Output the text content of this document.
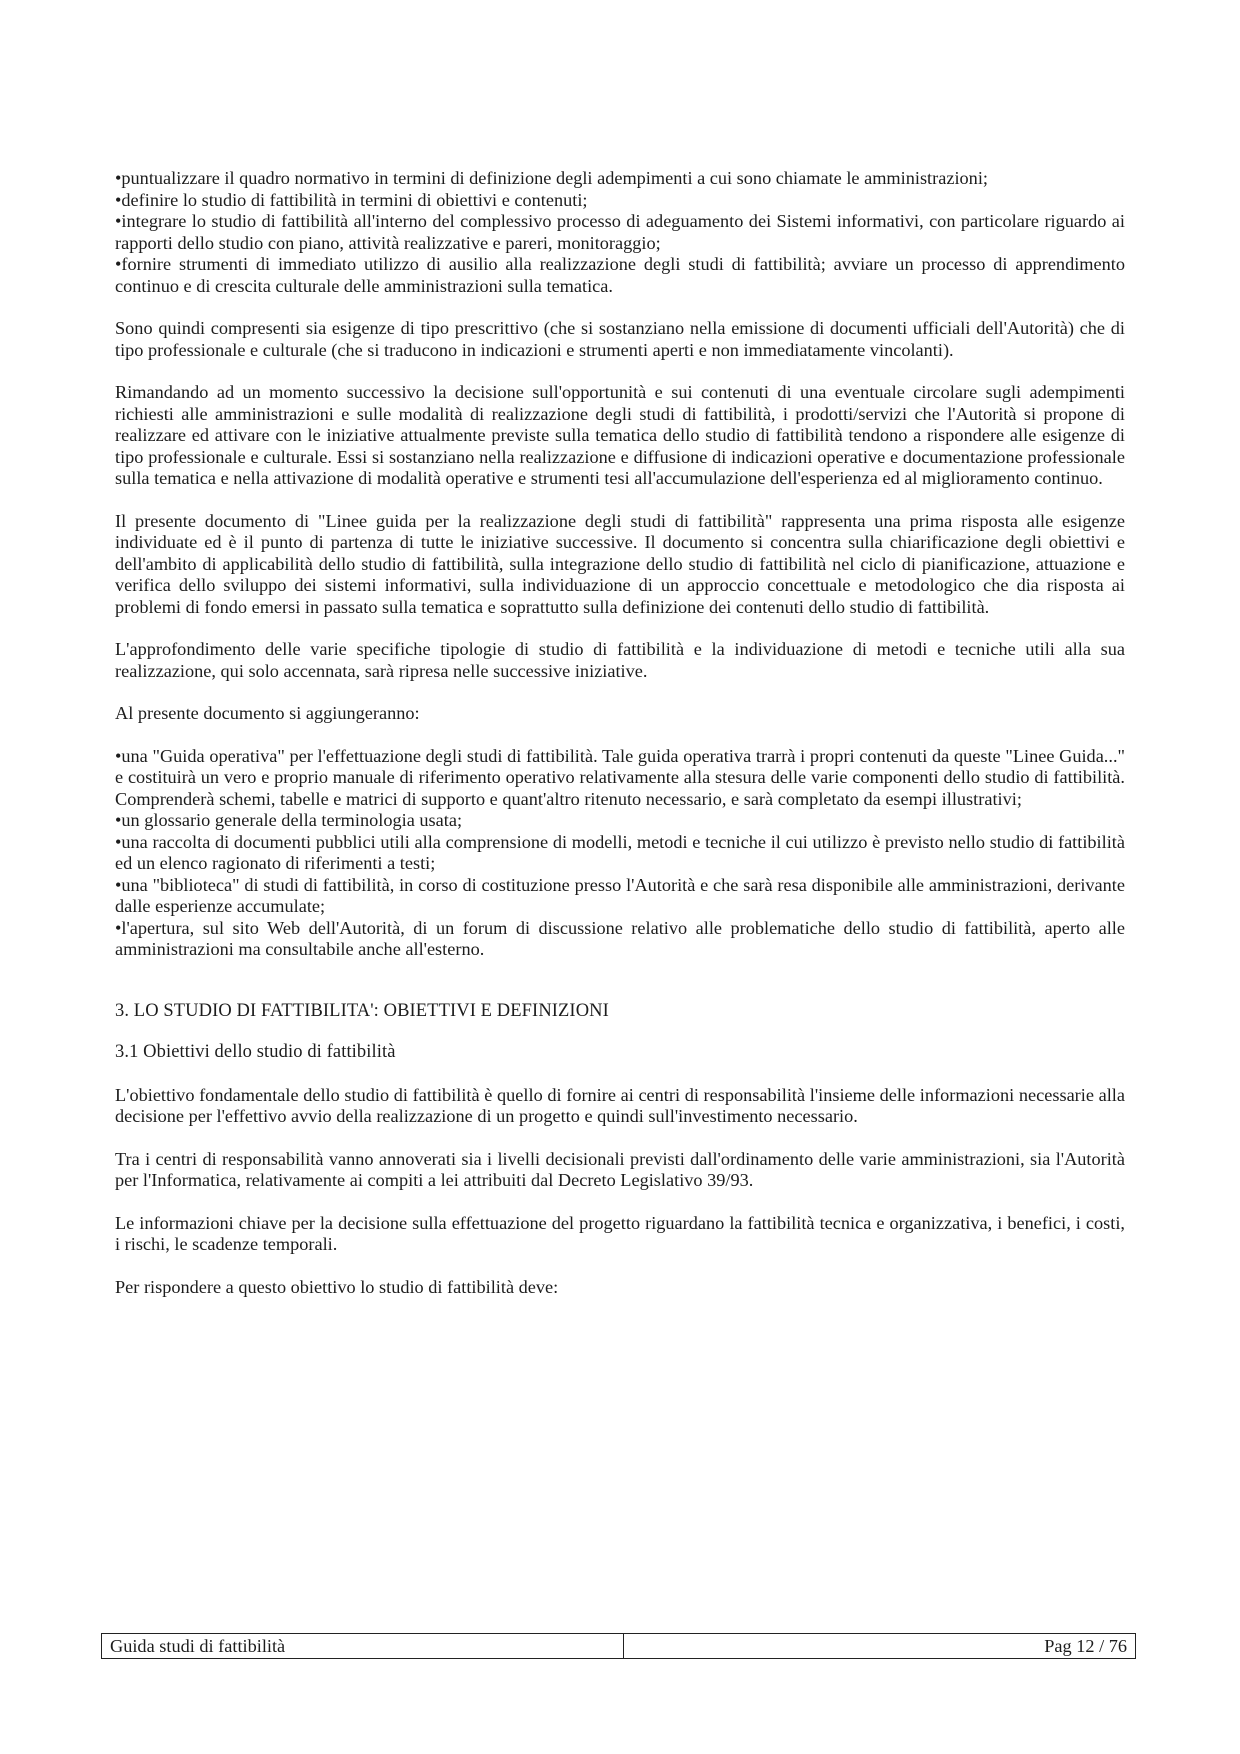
•puntualizzare il quadro normativo in termini di definizione degli adempimenti a cui sono chiamate le amministrazioni;

•definire lo studio di fattibilità in termini di obiettivi e contenuti;

•integrare lo studio di fattibilità all'interno del complessivo processo di adeguamento dei Sistemi informativi, con particolare riguardo ai rapporti dello studio con piano, attività realizzative e pareri, monitoraggio;

•fornire strumenti di immediato utilizzo di ausilio alla realizzazione degli studi di fattibilità; avviare un processo di apprendimento continuo e di crescita culturale delle amministrazioni sulla tematica.

Sono quindi compresenti sia esigenze di tipo prescrittivo (che si sostanziano nella emissione di documenti ufficiali dell'Autorità) che di tipo professionale e culturale (che si traducono in indicazioni e strumenti aperti e non immediatamente vincolanti).

Rimandando ad un momento successivo la decisione sull'opportunità e sui contenuti di una eventuale circolare sugli adempimenti richiesti alle amministrazioni e sulle modalità di realizzazione degli studi di fattibilità, i prodotti/servizi che l'Autorità si propone di realizzare ed attivare con le iniziative attualmente previste sulla tematica dello studio di fattibilità tendono a rispondere alle esigenze di tipo professionale e culturale. Essi si sostanziano nella realizzazione e diffusione di indicazioni operative e documentazione professionale sulla tematica e nella attivazione di modalità operative e strumenti tesi all'accumulazione dell'esperienza ed al miglioramento continuo.

Il presente documento di "Linee guida per la realizzazione degli studi di fattibilità" rappresenta una prima risposta alle esigenze individuate ed è il punto di partenza di tutte le iniziative successive. Il documento si concentra sulla chiarificazione degli obiettivi e dell'ambito di applicabilità dello studio di fattibilità, sulla integrazione dello studio di fattibilità nel ciclo di pianificazione, attuazione e verifica dello sviluppo dei sistemi informativi, sulla individuazione di un approccio concettuale e metodologico che dia risposta ai problemi di fondo emersi in passato sulla tematica e soprattutto sulla definizione dei contenuti dello studio di fattibilità.

L'approfondimento delle varie specifiche tipologie di studio di fattibilità e la individuazione di metodi e tecniche utili alla sua realizzazione, qui solo accennata, sarà ripresa nelle successive iniziative.

Al presente documento si aggiungeranno:

•una "Guida operativa" per l'effettuazione degli studi di fattibilità. Tale guida operativa trarrà i propri contenuti da queste "Linee Guida..." e costituirà un vero e proprio manuale di riferimento operativo relativamente alla stesura delle varie componenti dello studio di fattibilità. Comprenderà schemi, tabelle e matrici di supporto e quant'altro ritenuto necessario, e sarà completato da esempi illustrativi;

•un glossario generale della terminologia usata;

•una raccolta di documenti pubblici utili alla comprensione di modelli, metodi e tecniche il cui utilizzo è previsto nello studio di fattibilità ed un elenco ragionato di riferimenti a testi;

•una "biblioteca" di studi di fattibilità, in corso di costituzione presso l'Autorità e che sarà resa disponibile alle amministrazioni, derivante dalle esperienze accumulate;

•l'apertura, sul sito Web dell'Autorità, di un forum di discussione relativo alle problematiche dello studio di fattibilità, aperto alle amministrazioni ma consultabile anche all'esterno.

3. LO STUDIO DI FATTIBILITA': OBIETTIVI E DEFINIZIONI

3.1 Obiettivi dello studio di fattibilità

L'obiettivo fondamentale dello studio di fattibilità è quello di fornire ai centri di responsabilità l'insieme delle informazioni necessarie alla decisione per l'effettivo avvio della realizzazione di un progetto e quindi sull'investimento necessario.

Tra i centri di responsabilità vanno annoverati sia i livelli decisionali previsti dall'ordinamento delle varie amministrazioni, sia l'Autorità per l'Informatica, relativamente ai compiti a lei attribuiti dal Decreto Legislativo 39/93.

Le informazioni chiave per la decisione sulla effettuazione del progetto riguardano la fattibilità tecnica e organizzativa, i benefici, i costi, i rischi, le scadenze temporali.

Per rispondere a questo obiettivo lo studio di fattibilità deve:

Guida studi di fattibilità	Pag 12 / 76
